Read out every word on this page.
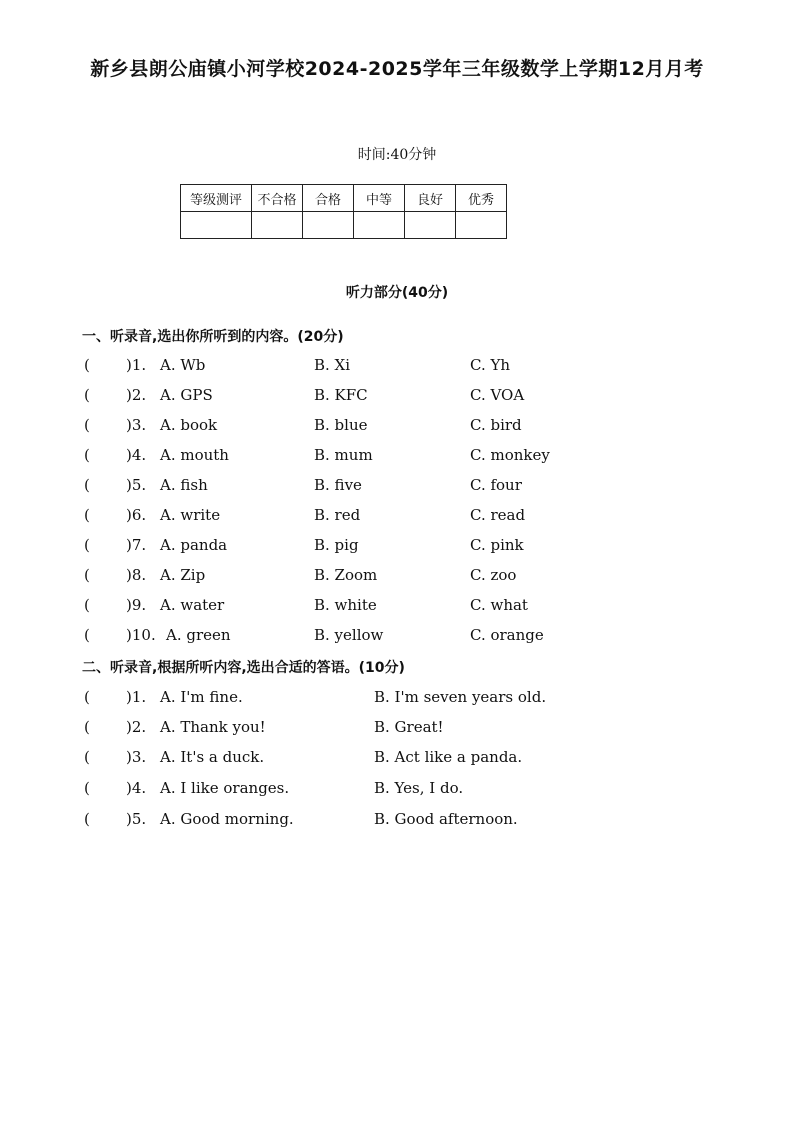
新乡县朗公庙镇小河学校2024-2025学年三年级数学上学期12月月考
时间:40分钟
等级测评	不合格	合格	中等	良好	优秀

听力部分(40分)
一、听录音,选出你所听到的内容。(20分)
( )1. A. Wb	B. Xi	C. Yh
( )2. A. GPS	B. KFC	C. VOA
( )3. A. book	B. blue	C. bird
( )4. A. mouth	B. mum	C. monkey
( )5. A. fish	B. five	C. four
( )6. A. write	B. red	C. read
( )7. A. panda	B. pig	C. pink
( )8. A. Zip	B. Zoom	C. zoo
( )9. A. water	B. white	C. what
( )10. A. green	B. yellow	C. orange
二、听录音,根据所听内容,选出合适的答语。(10分)
( )1. A. I'm fine.	B. I'm seven years old.
( )2. A. Thank you!	B. Great!
( )3. A. It's a duck.	B. Act like a panda.
( )4. A. I like oranges.	B. Yes, I do.
( )5. A. Good morning.	B. Good afternoon.
